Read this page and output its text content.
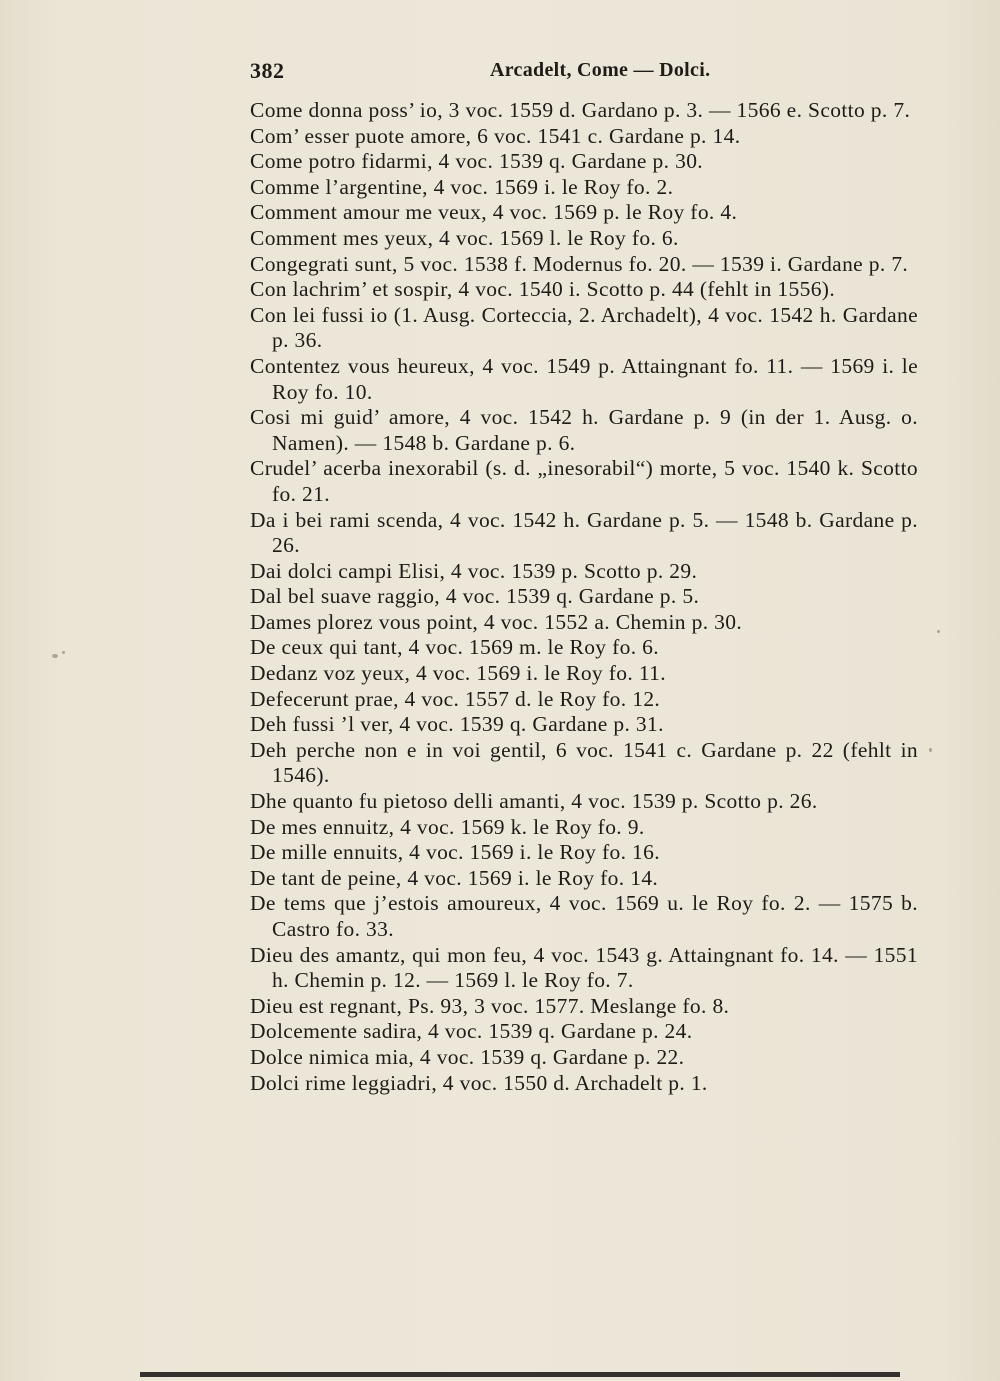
382	Arcadelt, Come — Dolci.
Come donna poss’ io, 3 voc. 1559 d. Gardano p. 3. — 1566 e. Scotto p. 7.
Com’ esser puote amore, 6 voc. 1541 c. Gardane p. 14.
Come potro fidarmi, 4 voc. 1539 q. Gardane p. 30.
Comme l’argentine, 4 voc. 1569 i. le Roy fo. 2.
Comment amour me veux, 4 voc. 1569 p. le Roy fo. 4.
Comment mes yeux, 4 voc. 1569 l. le Roy fo. 6.
Congegrati sunt, 5 voc. 1538 f. Modernus fo. 20. — 1539 i. Gardane p. 7.
Con lachrim’ et sospir, 4 voc. 1540 i. Scotto p. 44 (fehlt in 1556).
Con lei fussi io (1. Ausg. Corteccia, 2. Archadelt), 4 voc. 1542 h. Gardane p. 36.
Contentez vous heureux, 4 voc. 1549 p. Attaingnant fo. 11. — 1569 i. le Roy fo. 10.
Cosi mi guid’ amore, 4 voc. 1542 h. Gardane p. 9 (in der 1. Ausg. o. Namen). — 1548 b. Gardane p. 6.
Crudel’ acerba inexorabil (s. d. „inesorabil“) morte, 5 voc. 1540 k. Scotto fo. 21.
Da i bei rami scenda, 4 voc. 1542 h. Gardane p. 5. — 1548 b. Gardane p. 26.
Dai dolci campi Elisi, 4 voc. 1539 p. Scotto p. 29.
Dal bel suave raggio, 4 voc. 1539 q. Gardane p. 5.
Dames plorez vous point, 4 voc. 1552 a. Chemin p. 30.
De ceux qui tant, 4 voc. 1569 m. le Roy fo. 6.
Dedanz voz yeux, 4 voc. 1569 i. le Roy fo. 11.
Defecerunt prae, 4 voc. 1557 d. le Roy fo. 12.
Deh fussi ’l ver, 4 voc. 1539 q. Gardane p. 31.
Deh perche non e in voi gentil, 6 voc. 1541 c. Gardane p. 22 (fehlt in 1546).
Dhe quanto fu pietoso delli amanti, 4 voc. 1539 p. Scotto p. 26.
De mes ennuitz, 4 voc. 1569 k. le Roy fo. 9.
De mille ennuits, 4 voc. 1569 i. le Roy fo. 16.
De tant de peine, 4 voc. 1569 i. le Roy fo. 14.
De tems que j’estois amoureux, 4 voc. 1569 u. le Roy fo. 2. — 1575 b. Castro fo. 33.
Dieu des amantz, qui mon feu, 4 voc. 1543 g. Attaingnant fo. 14. — 1551 h. Chemin p. 12. — 1569 l. le Roy fo. 7.
Dieu est regnant, Ps. 93, 3 voc. 1577. Meslange fo. 8.
Dolcemente sadira, 4 voc. 1539 q. Gardane p. 24.
Dolce nimica mia, 4 voc. 1539 q. Gardane p. 22.
Dolci rime leggiadri, 4 voc. 1550 d. Archadelt p. 1.
